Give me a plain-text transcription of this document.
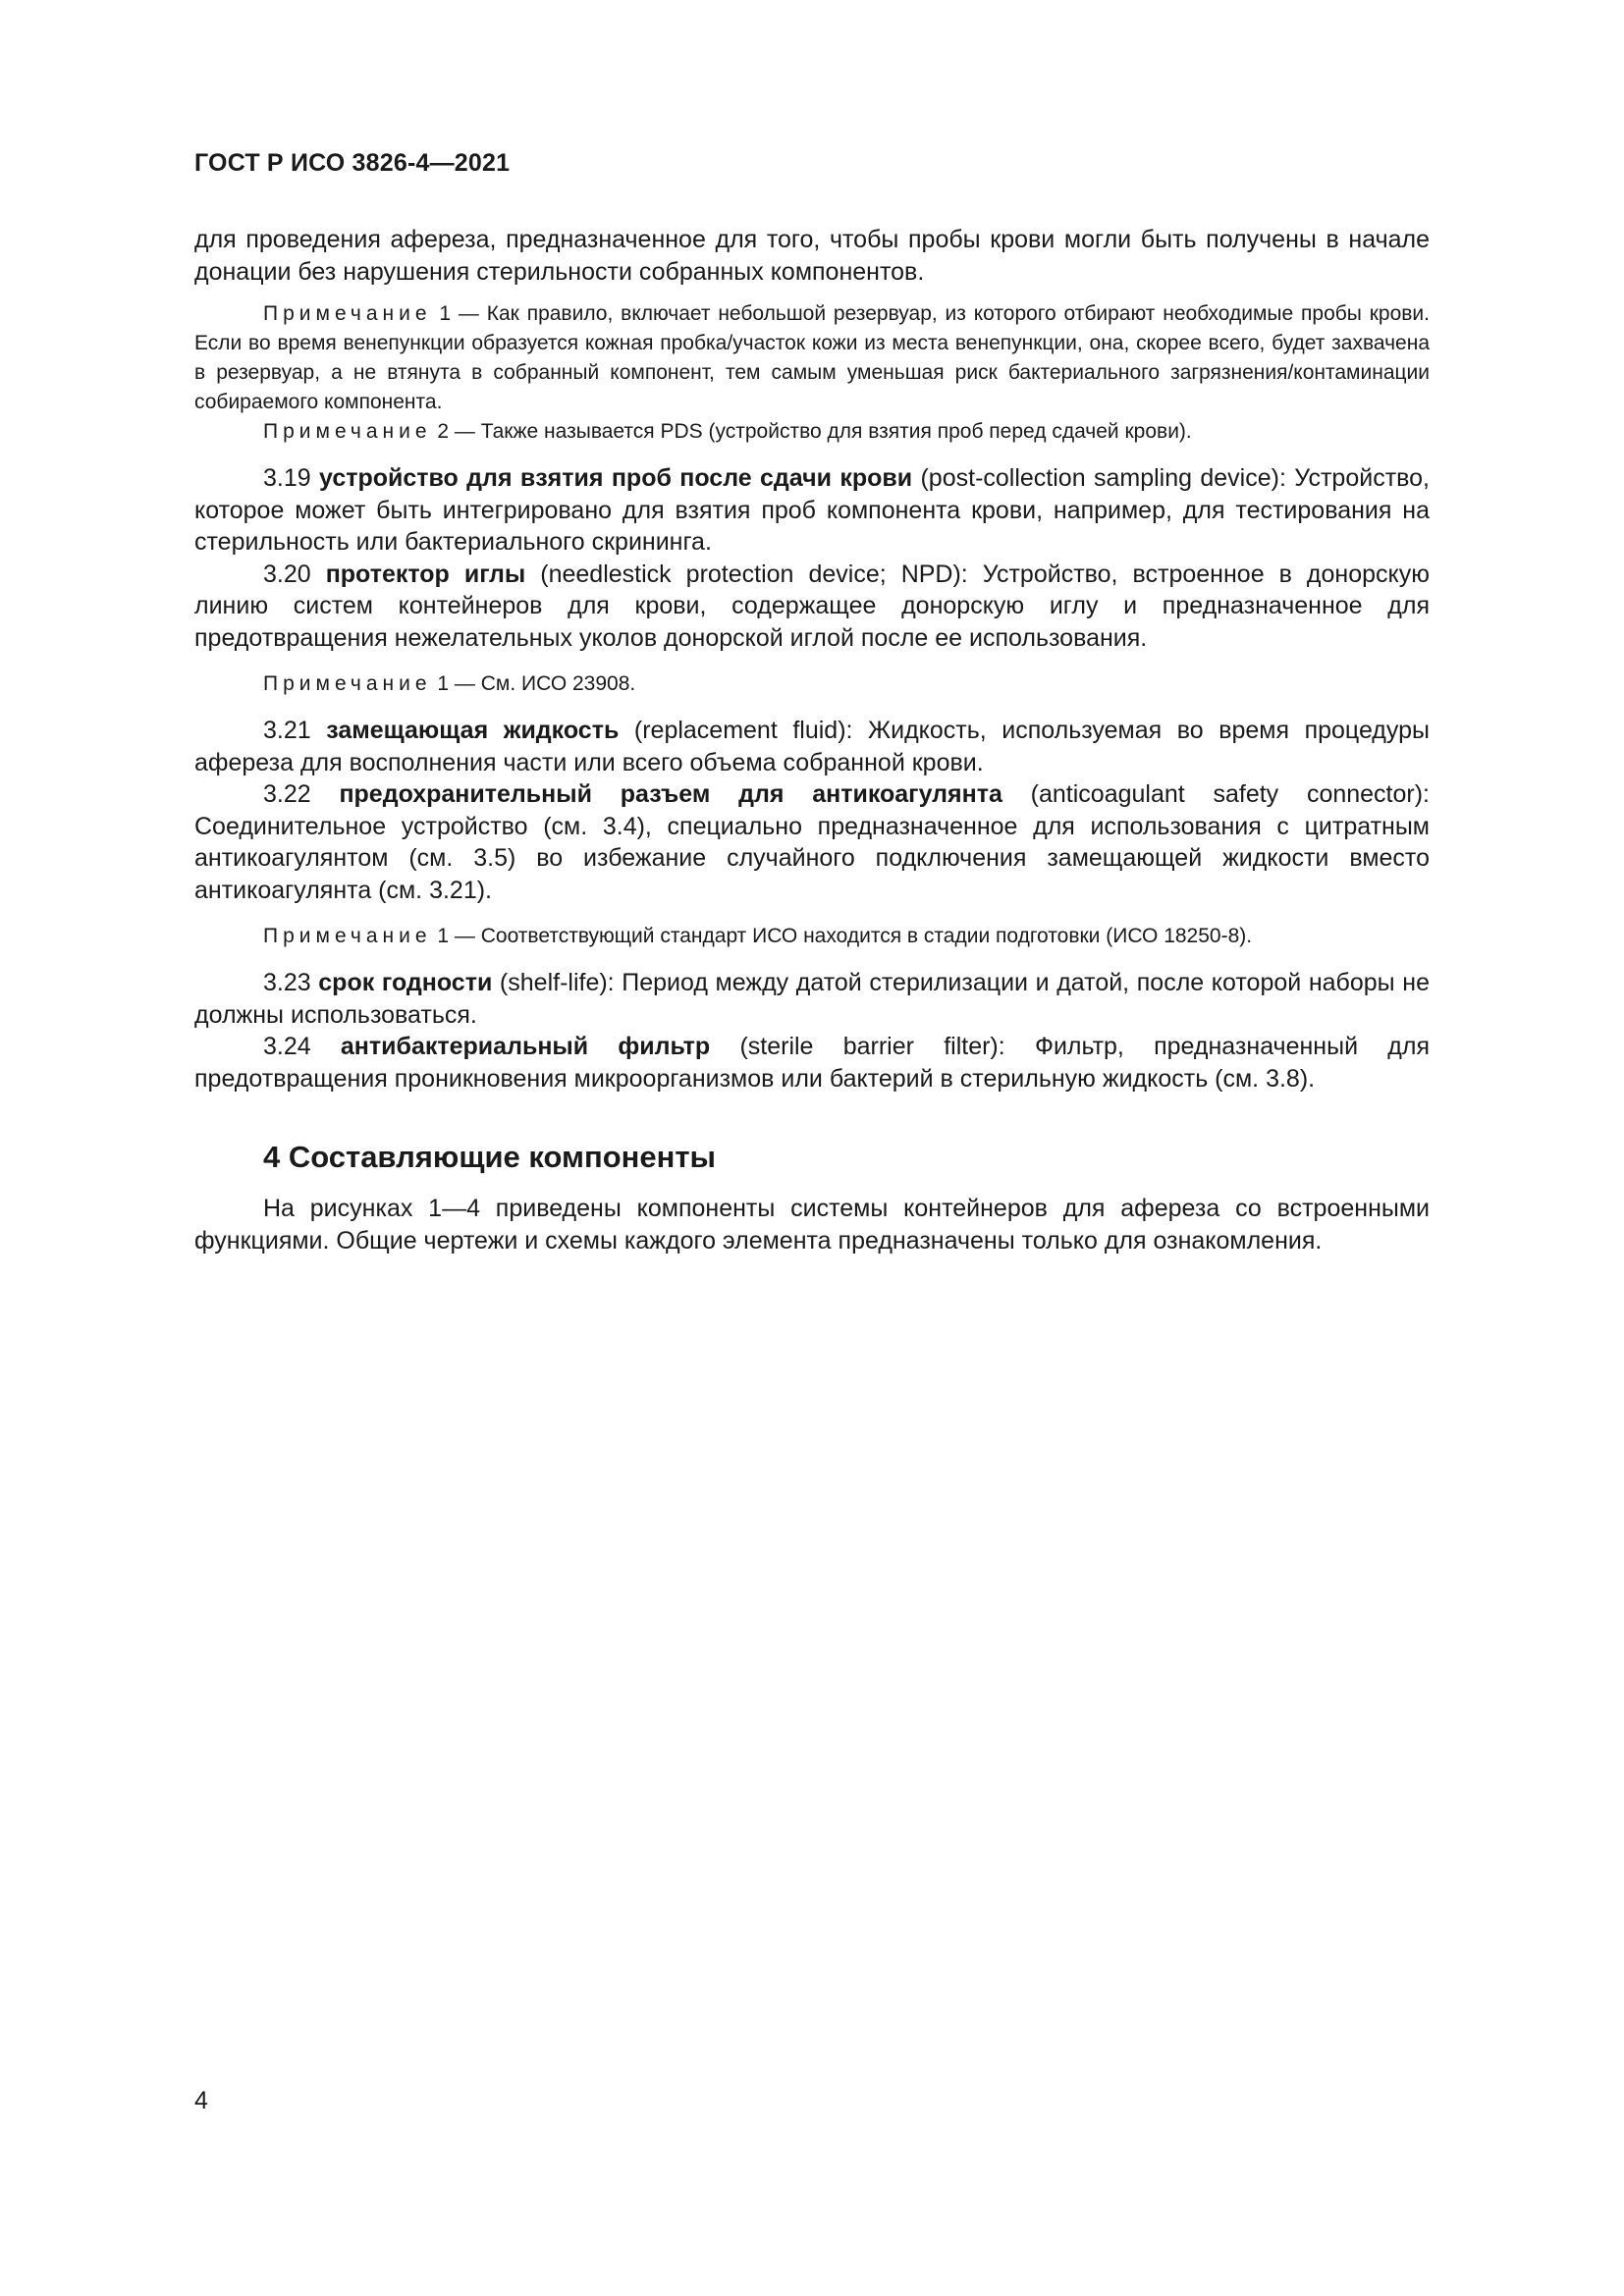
ГОСТ Р ИСО 3826-4—2021

для проведения афереза, предназначенное для того, чтобы пробы крови могли быть получены в начале донации без нарушения стерильности собранных компонентов.

Примечание 1 — Как правило, включает небольшой резервуар, из которого отбирают необходимые пробы крови. Если во время венепункции образуется кожная пробка/участок кожи из места венепункции, она, скорее всего, будет захвачена в резервуар, а не втянута в собранный компонент, тем самым уменьшая риск бактериального загрязнения/контаминации собираемого компонента.

Примечание 2 — Также называется PDS (устройство для взятия проб перед сдачей крови).

3.19 устройство для взятия проб после сдачи крови (post-collection sampling device): Устройство, которое может быть интегрировано для взятия проб компонента крови, например, для тестирования на стерильность или бактериального скрининга.

3.20 протектор иглы (needlestick protection device; NPD): Устройство, встроенное в донорскую линию систем контейнеров для крови, содержащее донорскую иглу и предназначенное для предотвращения нежелательных уколов донорской иглой после ее использования.

Примечание 1 — См. ИСО 23908.

3.21 замещающая жидкость (replacement fluid): Жидкость, используемая во время процедуры афереза для восполнения части или всего объема собранной крови.

3.22 предохранительный разъем для антикоагулянта (anticoagulant safety connector): Соединительное устройство (см. 3.4), специально предназначенное для использования с цитратным антикоагулянтом (см. 3.5) во избежание случайного подключения замещающей жидкости вместо антикоагулянта (см. 3.21).

Примечание 1 — Соответствующий стандарт ИСО находится в стадии подготовки (ИСО 18250-8).

3.23 срок годности (shelf-life): Период между датой стерилизации и датой, после которой наборы не должны использоваться.

3.24 антибактериальный фильтр (sterile barrier filter): Фильтр, предназначенный для предотвращения проникновения микроорганизмов или бактерий в стерильную жидкость (см. 3.8).

4 Составляющие компоненты

На рисунках 1—4 приведены компоненты системы контейнеров для афереза со встроенными функциями. Общие чертежи и схемы каждого элемента предназначены только для ознакомления.

4
